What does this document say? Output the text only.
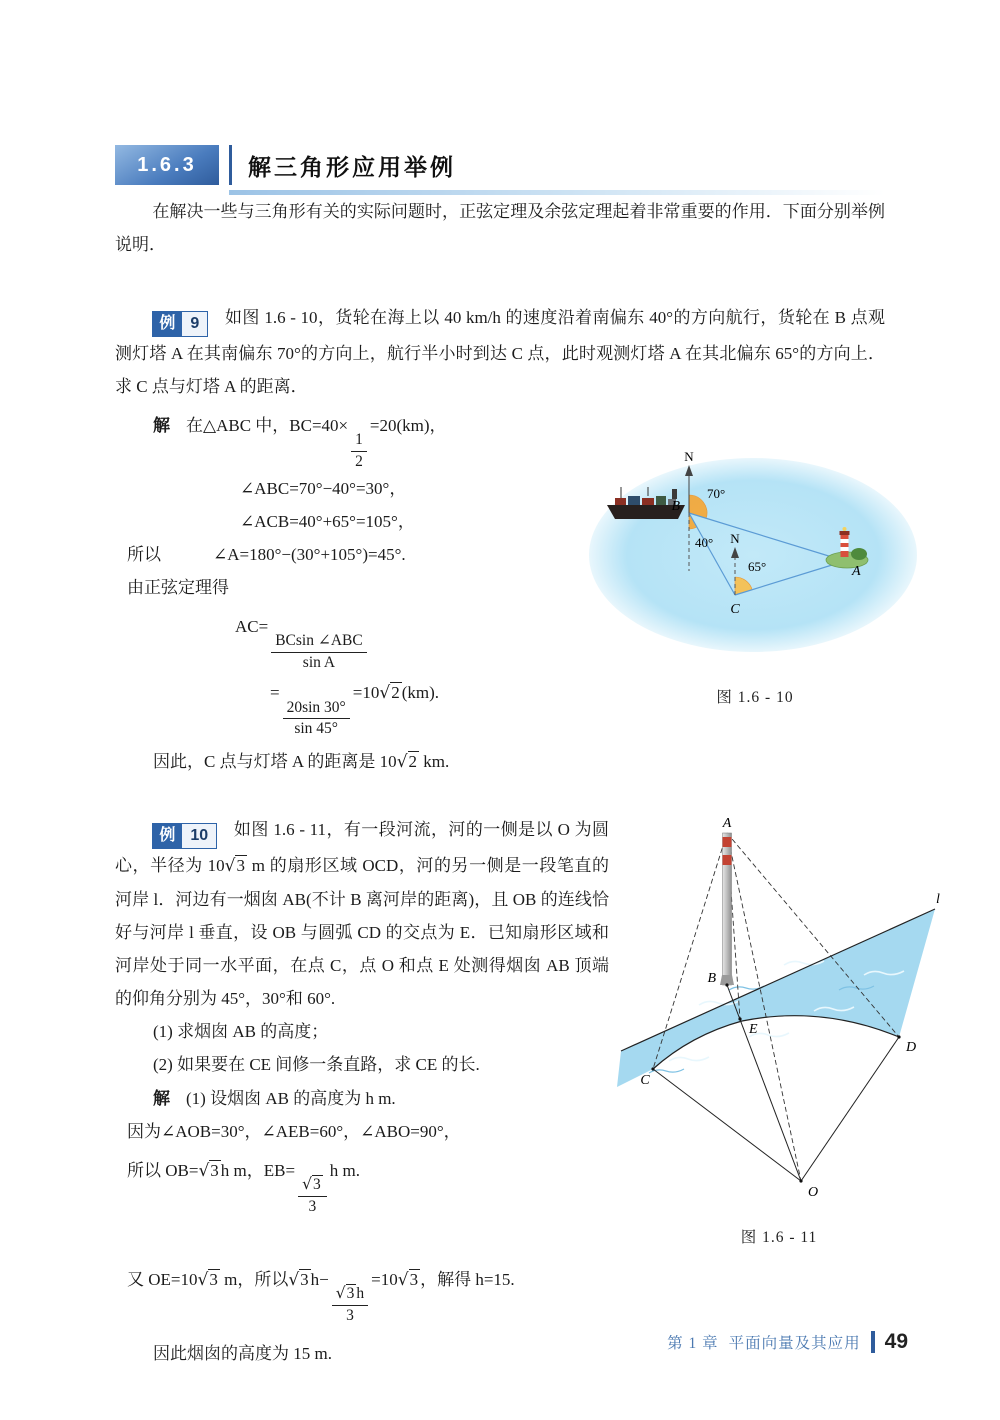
1.6.3	解三角形应用举例

在解决一些与三角形有关的实际问题时，正弦定理及余弦定理起着非常重要的作用．下面分别举例说明．

例 9	如图 1.6 - 10，货轮在海上以 40 km/h 的速度沿着南偏东 40°的方向航行，货轮在 B 点观测灯塔 A 在其南偏东 70°的方向上，航行半小时到达 C 点，此时观测灯塔 A 在其北偏东 65°的方向上．求 C 点与灯塔 A 的距离．

解 在△ABC 中，BC=40×
$\frac{1}{2}$
=20(km)，

∠ABC=70°−40°=30°，

∠ACB=40°+65°=105°，

所以	∠A=180°−(30°+105°)=45°.

由正弦定理得

AC=
$\frac{\text{BCsin ∠ABC}}{\text{sin A}}$

=
$\frac{20\sin 30^\circ}{\sin 45^\circ}$
=10√2 (km).

因此，C 点与灯塔 A 的距离是 10√2 km.

B
N
70°
40° N
65°
C
A
图 1.6 - 10

例 10	如图 1.6 - 11，有一段河流，河的一侧是以 O 为圆心，半径为 10√3 m 的扇形区域 OCD，河的另一侧是一段笔直的河岸 l．河边有一烟囱 AB(不计 B 离河岸的距离)，且 OB 的连线恰好与河岸 l 垂直，设 OB 与圆弧 CD 的交点为 E．已知扇形区域和河岸处于同一水平面，在点 C，点 O 和点 E 处测得烟囱 AB 顶端的仰角分别为 45°，30°和 60°.

(1) 求烟囱 AB 的高度；

(2) 如果要在 CE 间修一条直路，求 CE 的长.

解 (1) 设烟囱 AB 的高度为 h m.

因为∠AOB=30°，∠AEB=60°，∠ABO=90°，

所以 OB=√3 h m，EB=
$\frac{√3}{3}$
h m.

A
B
E
C
D
O
l
图 1.6 - 11

又 OE=10√3 m，所以√3 h−
$\frac{√3 h}{3}$
=10√3 ，解得 h=15.

因此烟囱的高度为 15 m.

第 1 章 平面向量及其应用 49
